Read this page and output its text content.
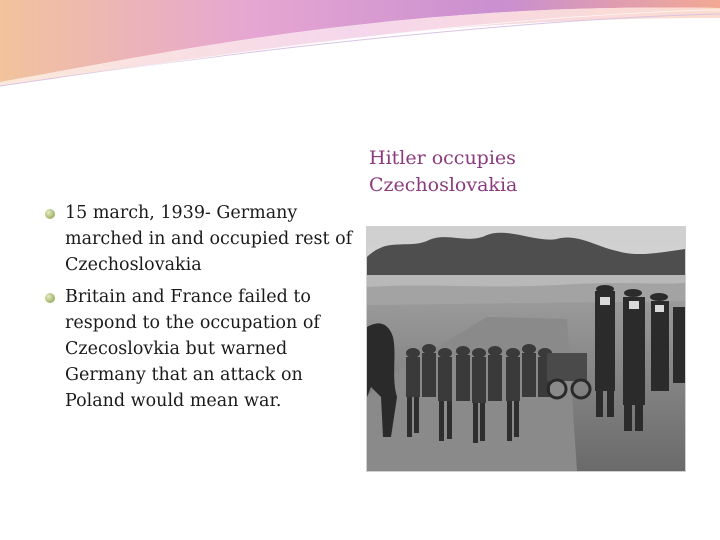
Hitler occupies
Czechoslovakia
15 march, 1939- Germany marched in and occupied rest of Czechoslovakia
Britain and France failed to respond to the occupation of Czecoslovkia but warned Germany that an attack on Poland would mean war.
